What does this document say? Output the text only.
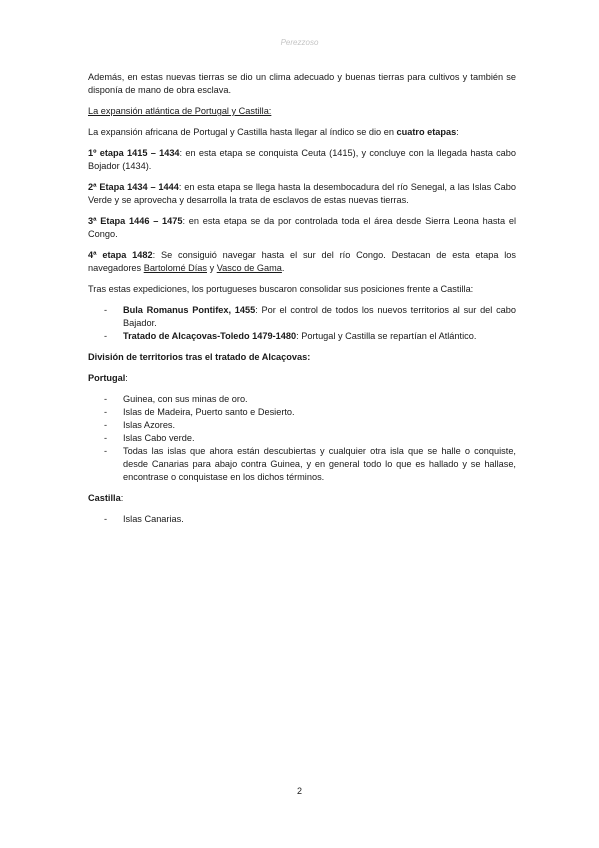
Perezzoso

Además, en estas nuevas tierras se dio un clima adecuado y buenas tierras para cultivos y también se disponía de mano de obra esclava.

La expansión atlántica de Portugal y Castilla:

La expansión africana de Portugal y Castilla hasta llegar al índico se dio en cuatro etapas:

1º etapa 1415 – 1434: en esta etapa se conquista Ceuta (1415), y concluye con la llegada hasta cabo Bojador (1434).

2ª Etapa 1434 – 1444: en esta etapa se llega hasta la desembocadura del río Senegal, a las Islas Cabo Verde y se aprovecha y desarrolla la trata de esclavos de estas nuevas tierras.

3ª Etapa 1446 – 1475: en esta etapa se da por controlada toda el área desde Sierra Leona hasta el Congo.

4ª etapa 1482: Se consiguió navegar hasta el sur del río Congo. Destacan de esta etapa los navegadores Bartolomé Días y Vasco de Gama.

Tras estas expediciones, los portugueses buscaron consolidar sus posiciones frente a Castilla:

- Bula Romanus Pontifex, 1455: Por el control de todos los nuevos territorios al sur del cabo Bajador.
- Tratado de Alcaçovas-Toledo 1479-1480: Portugal y Castilla se repartían el Atlántico.

División de territorios tras el tratado de Alcaçovas:

Portugal:

- Guinea, con sus minas de oro.
- Islas de Madeira, Puerto santo e Desierto.
- Islas Azores.
- Islas Cabo verde.
- Todas las islas que ahora están descubiertas y cualquier otra isla que se halle o conquiste, desde Canarias para abajo contra Guinea, y en general todo lo que es hallado y se hallase, encontrase o conquistase en los dichos términos.

Castilla:

- Islas Canarias.
2
